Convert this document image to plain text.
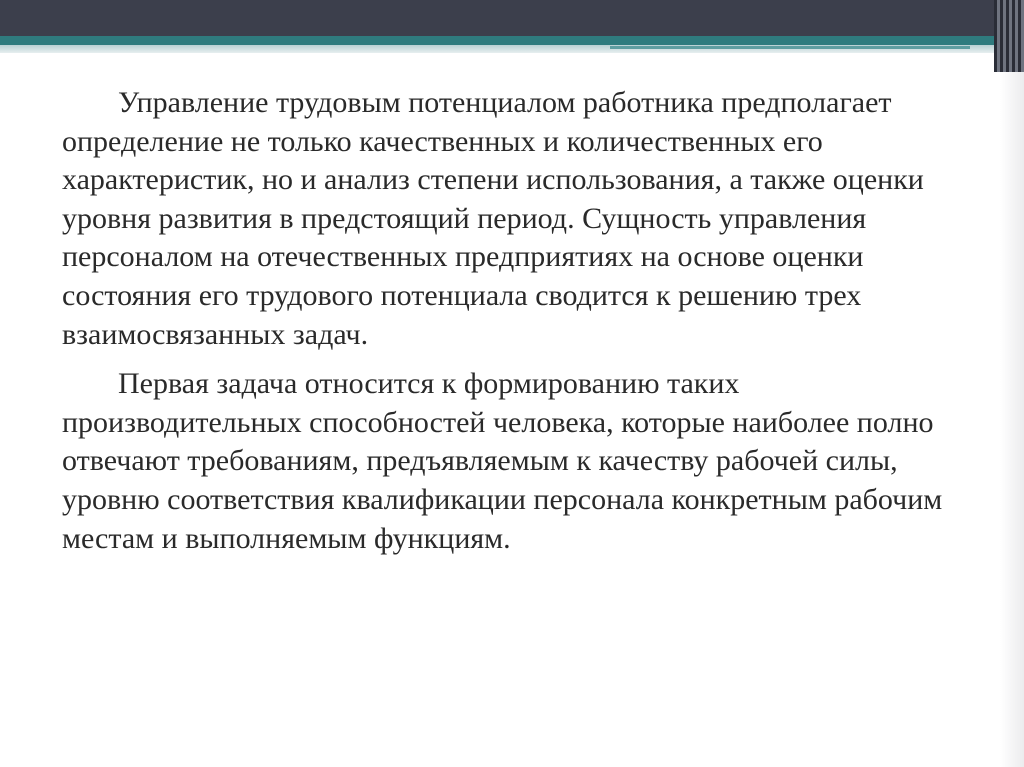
Управление трудовым потенциалом работника предполагает определение не только качественных и количественных его характеристик, но и анализ степени использования, а также оценки уровня развития в предстоящий период. Сущность управления персоналом на отечественных предприятиях на основе оценки состояния его трудового потенциала сводится к решению трех взаимосвязанных задач.

Первая задача относится к формированию таких производительных способностей человека, которые наиболее полно отвечают требованиям, предъявляемым к качеству рабочей силы, уровню соответствия квалификации персонала конкретным рабочим местам и выполняемым функциям.
